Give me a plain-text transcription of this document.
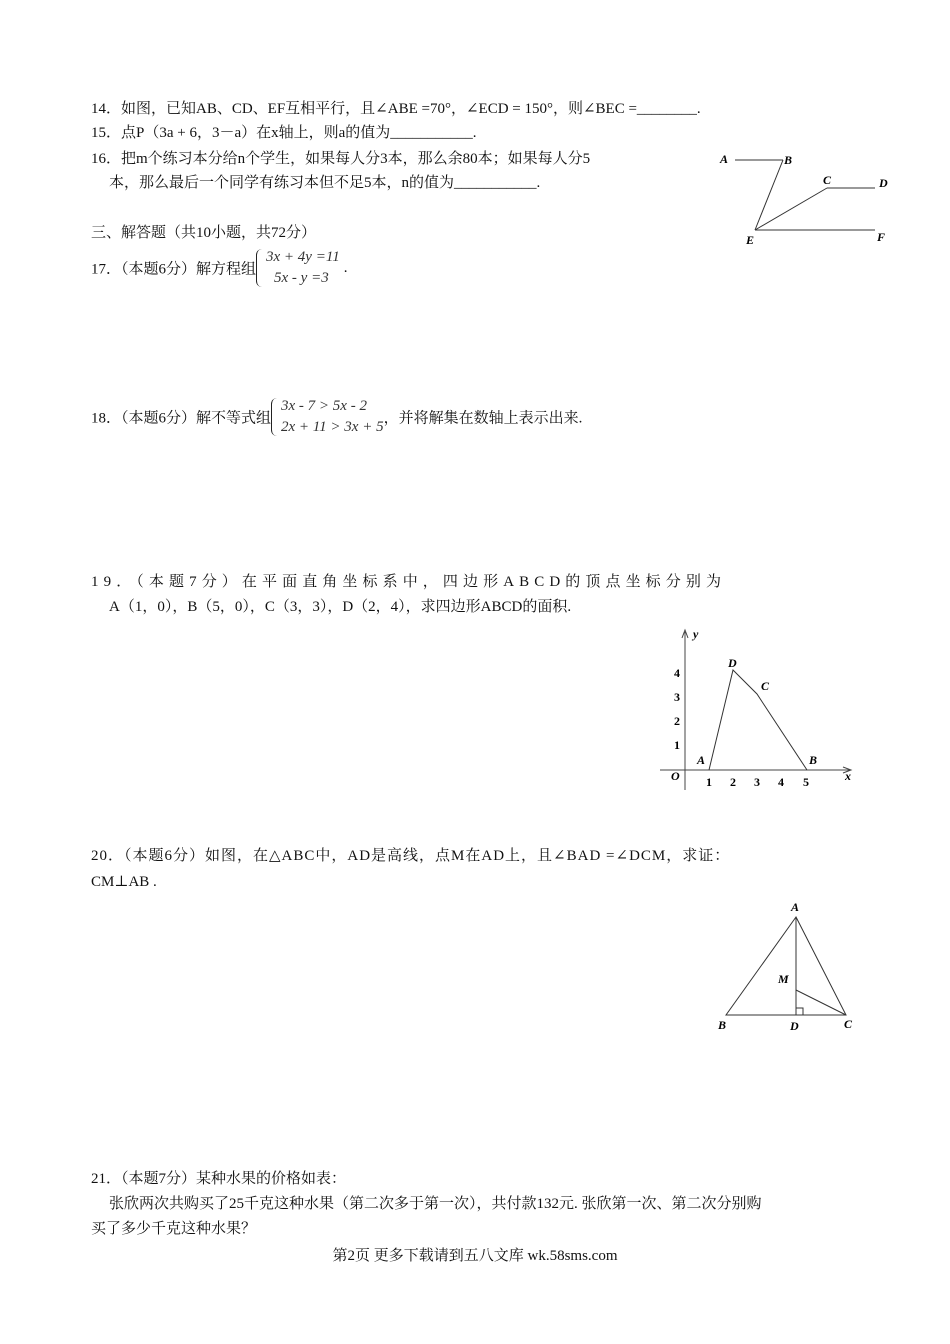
14．如图，已知AB、CD、EF互相平行，且∠ABE =70°，∠ECD = 150°，则∠BEC =________.
15．点P（3a + 6，3－a）在x轴上，则a的值为___________.
16．把m个练习本分给n个学生，如果每人分3本，那么余80本；如果每人分5
本，那么最后一个同学有练习本但不足5本，n的值为___________.
A	B
C	D
E	F
三、解答题（共10小题，共72分）
17．（本题6分）解方程组
3x + 4y =11
5x - y =3
.
18．（本题6分）解不等式组
3x - 7 > 5x - 2
2x + 11 > 3x + 5
，并将解集在数轴上表示出来.
19．（本题7分）在平面直角坐标系中，四边形ABCD的顶点坐标分别为
A（1，0），B（5，0），C（3，3），D（2，4），求四边形ABCD的面积.
y
x
O 1 2 3 4 5
1
2
3
4
A	B
C
D
20．（本题6分）如图，在△ABC中，AD是高线，点M在AD上，且∠BAD =∠DCM，求证：
CM⊥AB .
A
B	C
D
M
21．（本题7分）某种水果的价格如表：
张欣两次共购买了25千克这种水果（第二次多于第一次），共付款132元. 张欣第一次、第二次分别购
买了多少千克这种水果？
第2页 更多下载请到五八文库 wk.58sms.com
